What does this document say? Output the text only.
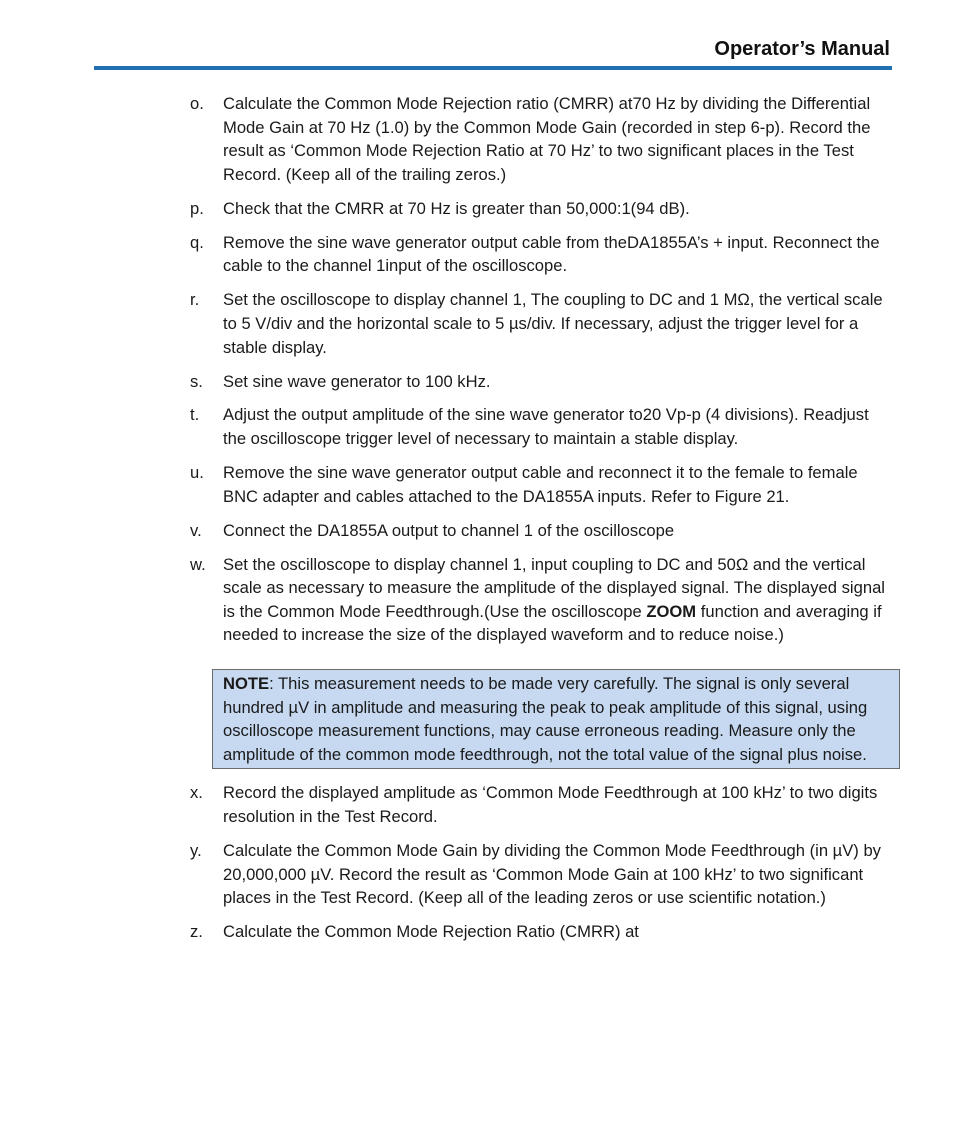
Operator’s Manual
o.	Calculate the Common Mode Rejection ratio (CMRR) at70 Hz by dividing the Differential Mode Gain at 70 Hz (1.0) by the Common Mode Gain (recorded in step 6-p). Record the result as ‘Common Mode Rejection Ratio at 70 Hz’ to two significant places in the Test Record. (Keep all of the trailing zeros.)
p.	Check that the CMRR at 70 Hz is greater than 50,000:1(94 dB).
q.	Remove the sine wave generator output cable from theDA1855A’s + input. Reconnect the cable to the channel 1input of the oscilloscope.
r.	Set the oscilloscope to display channel 1, The coupling to DC and 1 MΩ, the vertical scale to 5 V/div and the horizontal scale to 5 µs/div. If necessary, adjust the trigger level for a stable display.
s.	Set sine wave generator to 100 kHz.
t.	Adjust the output amplitude of the sine wave generator to20 Vp-p (4 divisions). Readjust the oscilloscope trigger level of necessary to maintain a stable display.
u.	Remove the sine wave generator output cable and reconnect it to the female to female BNC adapter and cables attached to the DA1855A inputs. Refer to Figure 21.
v.	Connect the DA1855A output to channel 1 of the oscilloscope
w.	Set the oscilloscope to display channel 1, input coupling to DC and 50Ω and the vertical scale as necessary to measure the amplitude of the displayed signal. The displayed signal is the Common Mode Feedthrough.(Use the oscilloscope ZOOM function and averaging if needed to increase the size of the displayed waveform and to reduce noise.)
NOTE: This measurement needs to be made very carefully. The signal is only several hundred µV in amplitude and measuring the peak to peak amplitude of this signal, using oscilloscope measurement functions, may cause erroneous reading. Measure only the amplitude of the common mode feedthrough, not the total value of the signal plus noise.
x.	Record the displayed amplitude as ‘Common Mode Feedthrough at 100 kHz’ to two digits resolution in the Test Record.
y.	Calculate the Common Mode Gain by dividing the Common Mode Feedthrough (in µV) by 20,000,000 µV. Record the result as ‘Common Mode Gain at 100 kHz’ to two significant places in the Test Record. (Keep all of the leading zeros or use scientific notation.)
z.	Calculate the Common Mode Rejection Ratio (CMRR) at
